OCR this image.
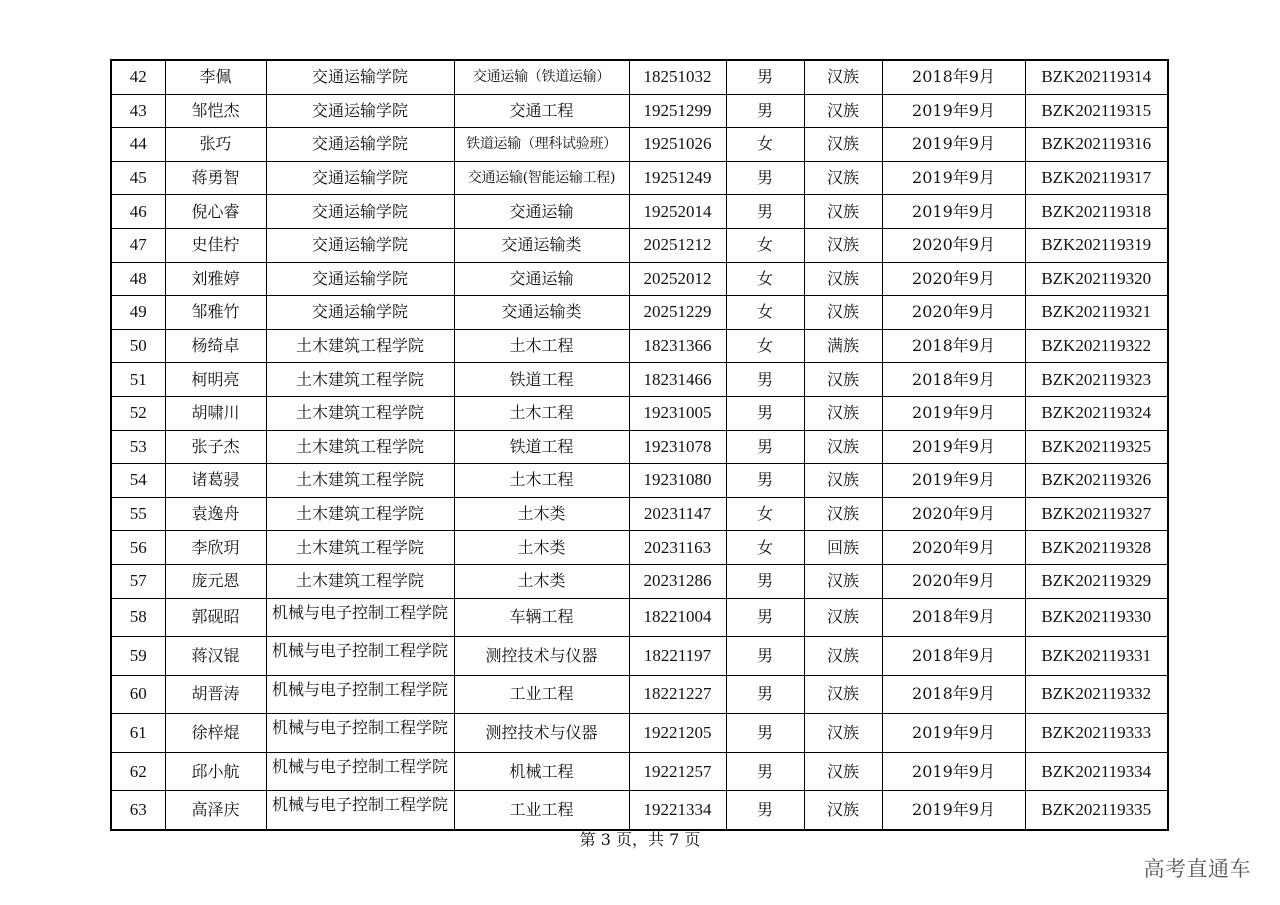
42	李佩	交通运输学院	交通运输（铁道运输）	18251032	男	汉族	2018年9月	BZK202119314
43	邹恺杰	交通运输学院	交通工程	19251299	男	汉族	2019年9月	BZK202119315
44	张巧	交通运输学院	铁道运输（理科试验班）	19251026	女	汉族	2019年9月	BZK202119316
45	蒋勇智	交通运输学院	交通运输(智能运输工程)	19251249	男	汉族	2019年9月	BZK202119317
46	倪心睿	交通运输学院	交通运输	19252014	男	汉族	2019年9月	BZK202119318
47	史佳柠	交通运输学院	交通运输类	20251212	女	汉族	2020年9月	BZK202119319
48	刘雅婷	交通运输学院	交通运输	20252012	女	汉族	2020年9月	BZK202119320
49	邹雅竹	交通运输学院	交通运输类	20251229	女	汉族	2020年9月	BZK202119321
50	杨绮卓	土木建筑工程学院	土木工程	18231366	女	满族	2018年9月	BZK202119322
51	柯明亮	土木建筑工程学院	铁道工程	18231466	男	汉族	2018年9月	BZK202119323
52	胡啸川	土木建筑工程学院	土木工程	19231005	男	汉族	2019年9月	BZK202119324
53	张子杰	土木建筑工程学院	铁道工程	19231078	男	汉族	2019年9月	BZK202119325
54	诸葛骎	土木建筑工程学院	土木工程	19231080	男	汉族	2019年9月	BZK202119326
55	袁逸舟	土木建筑工程学院	土木类	20231147	女	汉族	2020年9月	BZK202119327
56	李欣玥	土木建筑工程学院	土木类	20231163	女	回族	2020年9月	BZK202119328
57	庞元恩	土木建筑工程学院	土木类	20231286	男	汉族	2020年9月	BZK202119329
58	郭砚昭	机械与电子控制工程学院	车辆工程	18221004	男	汉族	2018年9月	BZK202119330
59	蒋汉锟	机械与电子控制工程学院	测控技术与仪器	18221197	男	汉族	2018年9月	BZK202119331
60	胡晋涛	机械与电子控制工程学院	工业工程	18221227	男	汉族	2018年9月	BZK202119332
61	徐梓焜	机械与电子控制工程学院	测控技术与仪器	19221205	男	汉族	2019年9月	BZK202119333
62	邱小航	机械与电子控制工程学院	机械工程	19221257	男	汉族	2019年9月	BZK202119334
63	高泽庆	机械与电子控制工程学院	工业工程	19221334	男	汉族	2019年9月	BZK202119335
第 3 页，共 7 页
高考直通车
